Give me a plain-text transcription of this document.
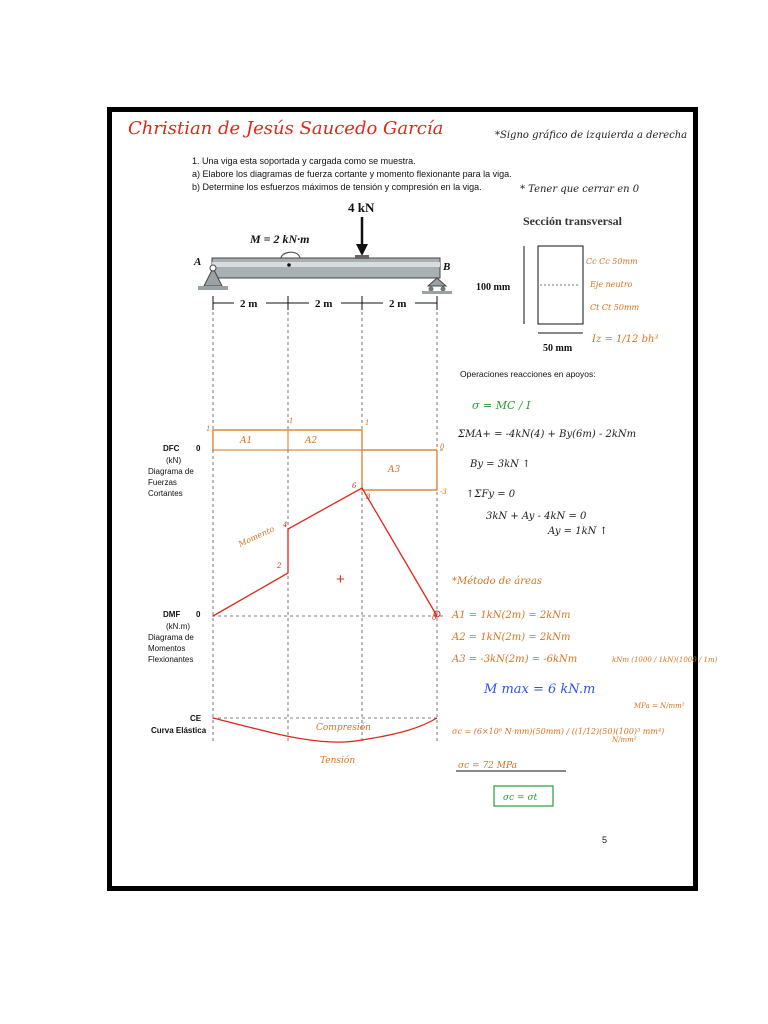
Christian de Jesús Saucedo García	*Signo gráfico de izquierda a derecha
* Tener que cerrar en 0
1. Una viga esta soportada y cargada como se muestra.
a) Elabore los diagramas de fuerza cortante y momento flexionante para la viga.
b) Determine los esfuerzos máximos de tensión y compresión en la viga.
4 kN
M = 2 kN·m
A	B
2 m	2 m	2 m
Sección transversal
100 mm
50 mm
Cc Cc 50mm
Eje neutro
Ct Ct 50mm
Iz = 1/12 bh³
A1	A2
A3
1
1	1
0
-3
DFC 0
(kN)
Diagrama de
Fuerzas
Cortantes
4
2
6
3
0
Momento
+
DMF 0
(kN.m)
Diagrama de
Momentos
Flexionantes
Compresión
Tensión
CE
Curva Elástica
Operaciones reacciones en apoyos:
σ = MC / I
ΣMA+ = -4kN(4) + By(6m) - 2kNm
By = 3kN ↑
↑ΣFy = 0
3kN + Ay - 4kN = 0
Ay = 1kN ↑
*Método de áreas
A1 = 1kN(2m) = 2kNm
A2 = 1kN(2m) = 2kNm
A3 = -3kN(2m) = -6kNm
M max = 6 kN.m
kNm (1000 / 1kN)(1000 / 1m)
MPa = N/mm²
σc = (6×10⁶ N·mm)(50mm) / ((1/12)(50)(100)³ mm⁴)
N/mm²
σc = 72 MPa
σc = σt
5
